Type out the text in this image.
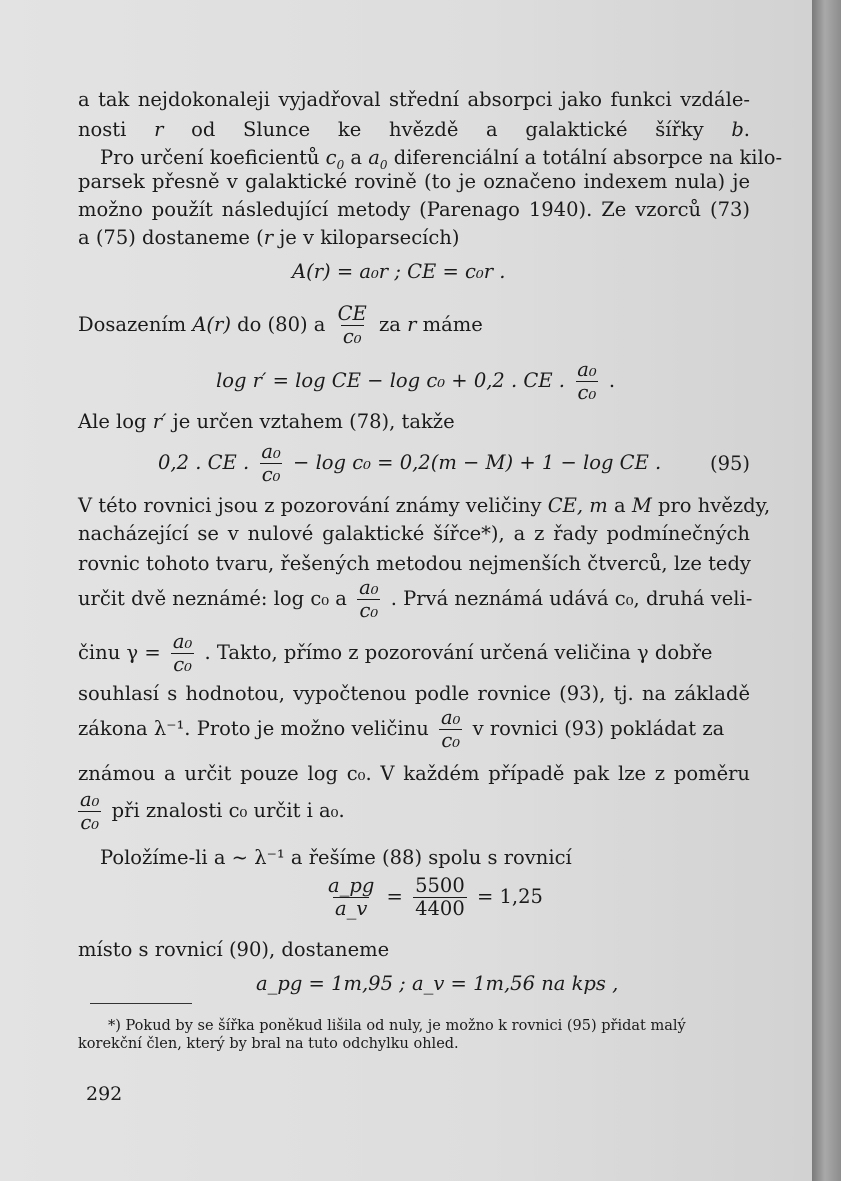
a tak nejdokonaleji vyjadřoval střední absorpci jako funkci vzdále-
nosti r od Slunce ke hvězdě a galaktické šířky b.
Pro určení koeficientů $c_0$ a $a_0$ diferenciální a totální absorpce na kilo-
parsek přesně v galaktické rovině (to je označeno indexem nula) je
možno použít následující metody (Parenago 1940). Ze vzorců (73)
a (75) dostaneme (r je v kiloparsecích)
A(r) = a₀r ; CE = c₀r .
Dosazením A(r) do (80) a $\frac{CE}{\text{c₀}}$ za r máme
log r′ = log CE − log c₀ + 0,2 . CE . $\frac{\text{a₀}}{\text{c₀}}$ .
Ale log r′ je určen vztahem (78), takže
0,2 . CE . $\frac{\text{a₀}}{\text{c₀}} - \log c_0 = 0,2(m - M) + 1 - \log$ CE .	(95)
V této rovnici jsou z pozorování známy veličiny CE, m a M pro hvězdy,
nacházející se v nulové galaktické šířce*), a z řady podmínečných
rovnic tohoto tvaru, řešených metodou nejmenších čtverců, lze tedy
určit dvě neznámé: log c₀ a $\frac{\text{a₀}}{\text{c₀}}$ . Prvá neznámá udává c₀, druhá veli-
činu $\gamma = \frac{\text{a₀}}{\text{c₀}}$ . Takto, přímo z pozorování určená veličina γ dobře
souhlasí s hodnotou, vypočtenou podle rovnice (93), tj. na základě
zákona λ⁻¹. Proto je možno veličinu $\frac{\text{a₀}}{\text{c₀}}$ v rovnici (93) pokládat za
známou a určit pouze log c₀. V každém případě pak lze z poměru
$\frac{\text{a₀}}{\text{c₀}}$ při znalosti c₀ určit i a₀.
Položíme-li a ~ λ⁻¹ a řešíme (88) spolu s rovnicí
$\frac{a\_pg}{a\_v} = \frac{5500}{4400} = 1,25$
místo s rovnicí (90), dostaneme
a_pg = 1m,95 ; a_v = 1m,56 na kps ,
*) Pokud by se šířka poněkud lišila od nuly, je možno k rovnici (95) přidat malý
korekční člen, který by bral na tuto odchylku ohled.
292
